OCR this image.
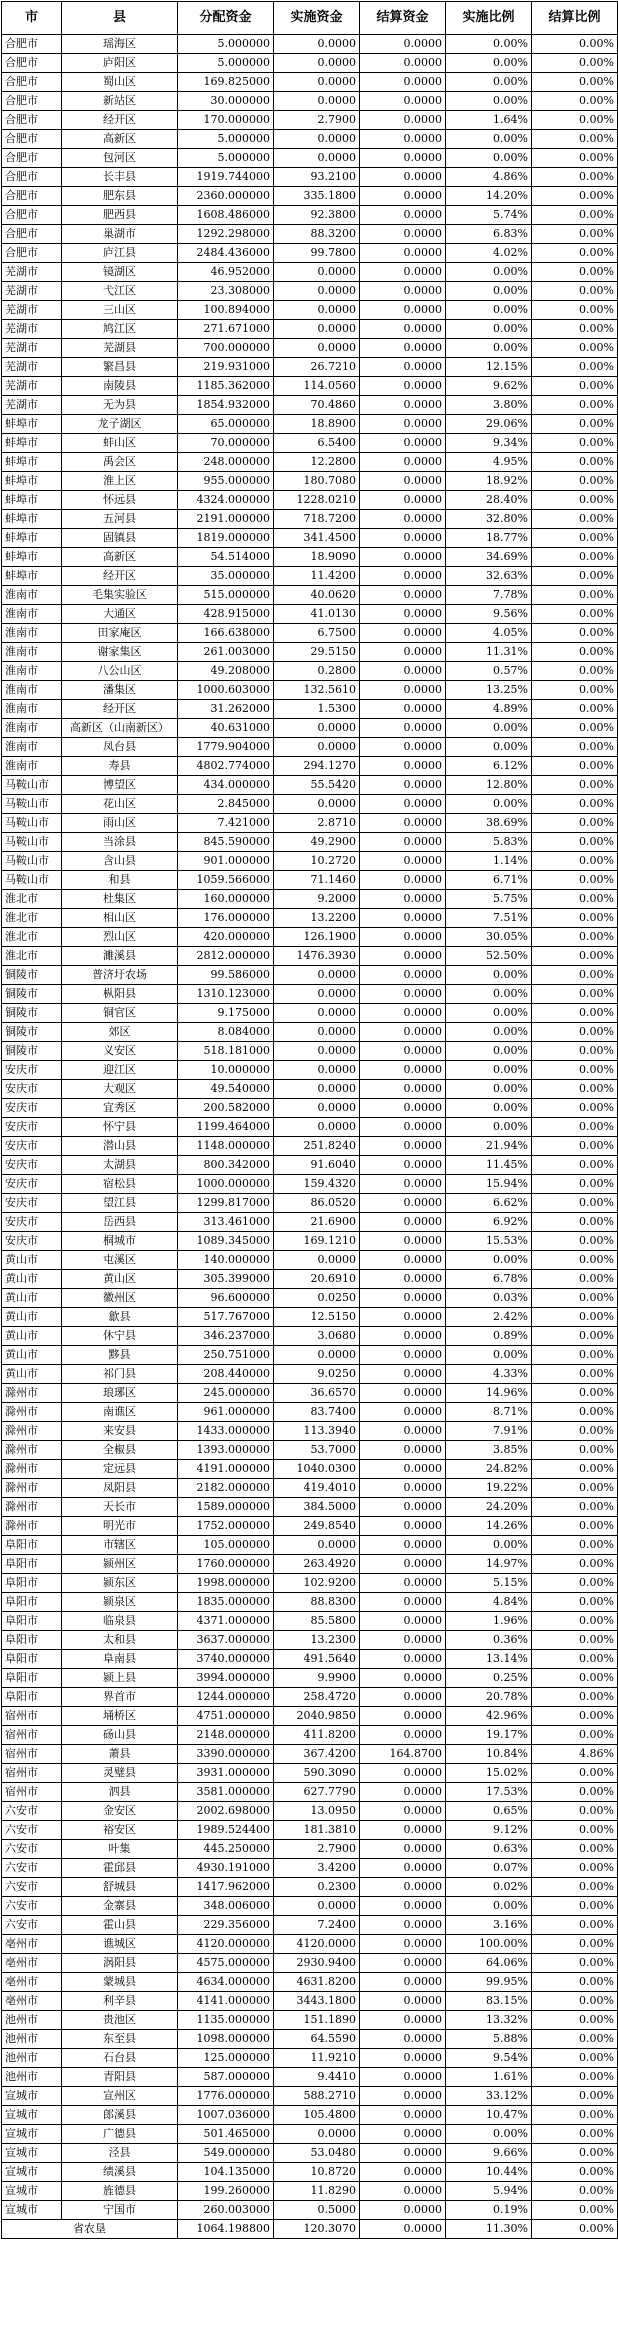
市	县	分配资金	实施资金	结算资金	实施比例	结算比例
合肥市	瑶海区	5.000000	0.0000	0.0000	0.00%	0.00%
合肥市	庐阳区	5.000000	0.0000	0.0000	0.00%	0.00%
合肥市	蜀山区	169.825000	0.0000	0.0000	0.00%	0.00%
合肥市	新站区	30.000000	0.0000	0.0000	0.00%	0.00%
合肥市	经开区	170.000000	2.7900	0.0000	1.64%	0.00%
合肥市	高新区	5.000000	0.0000	0.0000	0.00%	0.00%
合肥市	包河区	5.000000	0.0000	0.0000	0.00%	0.00%
合肥市	长丰县	1919.744000	93.2100	0.0000	4.86%	0.00%
合肥市	肥东县	2360.000000	335.1800	0.0000	14.20%	0.00%
合肥市	肥西县	1608.486000	92.3800	0.0000	5.74%	0.00%
合肥市	巢湖市	1292.298000	88.3200	0.0000	6.83%	0.00%
合肥市	庐江县	2484.436000	99.7800	0.0000	4.02%	0.00%
芜湖市	镜湖区	46.952000	0.0000	0.0000	0.00%	0.00%
芜湖市	弋江区	23.308000	0.0000	0.0000	0.00%	0.00%
芜湖市	三山区	100.894000	0.0000	0.0000	0.00%	0.00%
芜湖市	鸠江区	271.671000	0.0000	0.0000	0.00%	0.00%
芜湖市	芜湖县	700.000000	0.0000	0.0000	0.00%	0.00%
芜湖市	繁昌县	219.931000	26.7210	0.0000	12.15%	0.00%
芜湖市	南陵县	1185.362000	114.0560	0.0000	9.62%	0.00%
芜湖市	无为县	1854.932000	70.4860	0.0000	3.80%	0.00%
蚌埠市	龙子湖区	65.000000	18.8900	0.0000	29.06%	0.00%
蚌埠市	蚌山区	70.000000	6.5400	0.0000	9.34%	0.00%
蚌埠市	禹会区	248.000000	12.2800	0.0000	4.95%	0.00%
蚌埠市	淮上区	955.000000	180.7080	0.0000	18.92%	0.00%
蚌埠市	怀远县	4324.000000	1228.0210	0.0000	28.40%	0.00%
蚌埠市	五河县	2191.000000	718.7200	0.0000	32.80%	0.00%
蚌埠市	固镇县	1819.000000	341.4500	0.0000	18.77%	0.00%
蚌埠市	高新区	54.514000	18.9090	0.0000	34.69%	0.00%
蚌埠市	经开区	35.000000	11.4200	0.0000	32.63%	0.00%
淮南市	毛集实验区	515.000000	40.0620	0.0000	7.78%	0.00%
淮南市	大通区	428.915000	41.0130	0.0000	9.56%	0.00%
淮南市	田家庵区	166.638000	6.7500	0.0000	4.05%	0.00%
淮南市	谢家集区	261.003000	29.5150	0.0000	11.31%	0.00%
淮南市	八公山区	49.208000	0.2800	0.0000	0.57%	0.00%
淮南市	潘集区	1000.603000	132.5610	0.0000	13.25%	0.00%
淮南市	经开区	31.262000	1.5300	0.0000	4.89%	0.00%
淮南市	高新区（山南新区）	40.631000	0.0000	0.0000	0.00%	0.00%
淮南市	凤台县	1779.904000	0.0000	0.0000	0.00%	0.00%
淮南市	寿县	4802.774000	294.1270	0.0000	6.12%	0.00%
马鞍山市	博望区	434.000000	55.5420	0.0000	12.80%	0.00%
马鞍山市	花山区	2.845000	0.0000	0.0000	0.00%	0.00%
马鞍山市	雨山区	7.421000	2.8710	0.0000	38.69%	0.00%
马鞍山市	当涂县	845.590000	49.2900	0.0000	5.83%	0.00%
马鞍山市	含山县	901.000000	10.2720	0.0000	1.14%	0.00%
马鞍山市	和县	1059.566000	71.1460	0.0000	6.71%	0.00%
淮北市	杜集区	160.000000	9.2000	0.0000	5.75%	0.00%
淮北市	相山区	176.000000	13.2200	0.0000	7.51%	0.00%
淮北市	烈山区	420.000000	126.1900	0.0000	30.05%	0.00%
淮北市	濉溪县	2812.000000	1476.3930	0.0000	52.50%	0.00%
铜陵市	普济圩农场	99.586000	0.0000	0.0000	0.00%	0.00%
铜陵市	枞阳县	1310.123000	0.0000	0.0000	0.00%	0.00%
铜陵市	铜官区	9.175000	0.0000	0.0000	0.00%	0.00%
铜陵市	郊区	8.084000	0.0000	0.0000	0.00%	0.00%
铜陵市	义安区	518.181000	0.0000	0.0000	0.00%	0.00%
安庆市	迎江区	10.000000	0.0000	0.0000	0.00%	0.00%
安庆市	大观区	49.540000	0.0000	0.0000	0.00%	0.00%
安庆市	宜秀区	200.582000	0.0000	0.0000	0.00%	0.00%
安庆市	怀宁县	1199.464000	0.0000	0.0000	0.00%	0.00%
安庆市	潜山县	1148.000000	251.8240	0.0000	21.94%	0.00%
安庆市	太湖县	800.342000	91.6040	0.0000	11.45%	0.00%
安庆市	宿松县	1000.000000	159.4320	0.0000	15.94%	0.00%
安庆市	望江县	1299.817000	86.0520	0.0000	6.62%	0.00%
安庆市	岳西县	313.461000	21.6900	0.0000	6.92%	0.00%
安庆市	桐城市	1089.345000	169.1210	0.0000	15.53%	0.00%
黄山市	屯溪区	140.000000	0.0000	0.0000	0.00%	0.00%
黄山市	黄山区	305.399000	20.6910	0.0000	6.78%	0.00%
黄山市	徽州区	96.600000	0.0250	0.0000	0.03%	0.00%
黄山市	歙县	517.767000	12.5150	0.0000	2.42%	0.00%
黄山市	休宁县	346.237000	3.0680	0.0000	0.89%	0.00%
黄山市	黟县	250.751000	0.0000	0.0000	0.00%	0.00%
黄山市	祁门县	208.440000	9.0250	0.0000	4.33%	0.00%
滁州市	琅琊区	245.000000	36.6570	0.0000	14.96%	0.00%
滁州市	南谯区	961.000000	83.7400	0.0000	8.71%	0.00%
滁州市	来安县	1433.000000	113.3940	0.0000	7.91%	0.00%
滁州市	全椒县	1393.000000	53.7000	0.0000	3.85%	0.00%
滁州市	定远县	4191.000000	1040.0300	0.0000	24.82%	0.00%
滁州市	凤阳县	2182.000000	419.4010	0.0000	19.22%	0.00%
滁州市	天长市	1589.000000	384.5000	0.0000	24.20%	0.00%
滁州市	明光市	1752.000000	249.8540	0.0000	14.26%	0.00%
阜阳市	市辖区	105.000000	0.0000	0.0000	0.00%	0.00%
阜阳市	颍州区	1760.000000	263.4920	0.0000	14.97%	0.00%
阜阳市	颍东区	1998.000000	102.9200	0.0000	5.15%	0.00%
阜阳市	颍泉区	1835.000000	88.8300	0.0000	4.84%	0.00%
阜阳市	临泉县	4371.000000	85.5800	0.0000	1.96%	0.00%
阜阳市	太和县	3637.000000	13.2300	0.0000	0.36%	0.00%
阜阳市	阜南县	3740.000000	491.5640	0.0000	13.14%	0.00%
阜阳市	颍上县	3994.000000	9.9900	0.0000	0.25%	0.00%
阜阳市	界首市	1244.000000	258.4720	0.0000	20.78%	0.00%
宿州市	埇桥区	4751.000000	2040.9850	0.0000	42.96%	0.00%
宿州市	砀山县	2148.000000	411.8200	0.0000	19.17%	0.00%
宿州市	萧县	3390.000000	367.4200	164.8700	10.84%	4.86%
宿州市	灵璧县	3931.000000	590.3090	0.0000	15.02%	0.00%
宿州市	泗县	3581.000000	627.7790	0.0000	17.53%	0.00%
六安市	金安区	2002.698000	13.0950	0.0000	0.65%	0.00%
六安市	裕安区	1989.524400	181.3810	0.0000	9.12%	0.00%
六安市	叶集	445.250000	2.7900	0.0000	0.63%	0.00%
六安市	霍邱县	4930.191000	3.4200	0.0000	0.07%	0.00%
六安市	舒城县	1417.962000	0.2300	0.0000	0.02%	0.00%
六安市	金寨县	348.006000	0.0000	0.0000	0.00%	0.00%
六安市	霍山县	229.356000	7.2400	0.0000	3.16%	0.00%
亳州市	谯城区	4120.000000	4120.0000	0.0000	100.00%	0.00%
亳州市	涡阳县	4575.000000	2930.9400	0.0000	64.06%	0.00%
亳州市	蒙城县	4634.000000	4631.8200	0.0000	99.95%	0.00%
亳州市	利辛县	4141.000000	3443.1800	0.0000	83.15%	0.00%
池州市	贵池区	1135.000000	151.1890	0.0000	13.32%	0.00%
池州市	东至县	1098.000000	64.5590	0.0000	5.88%	0.00%
池州市	石台县	125.000000	11.9210	0.0000	9.54%	0.00%
池州市	青阳县	587.000000	9.4410	0.0000	1.61%	0.00%
宣城市	宣州区	1776.000000	588.2710	0.0000	33.12%	0.00%
宣城市	郎溪县	1007.036000	105.4800	0.0000	10.47%	0.00%
宣城市	广德县	501.465000	0.0000	0.0000	0.00%	0.00%
宣城市	泾县	549.000000	53.0480	0.0000	9.66%	0.00%
宣城市	绩溪县	104.135000	10.8720	0.0000	10.44%	0.00%
宣城市	旌德县	199.260000	11.8290	0.0000	5.94%	0.00%
宣城市	宁国市	260.003000	0.5000	0.0000	0.19%	0.00%
省农垦		1064.198800	120.3070	0.0000	11.30%	0.00%
